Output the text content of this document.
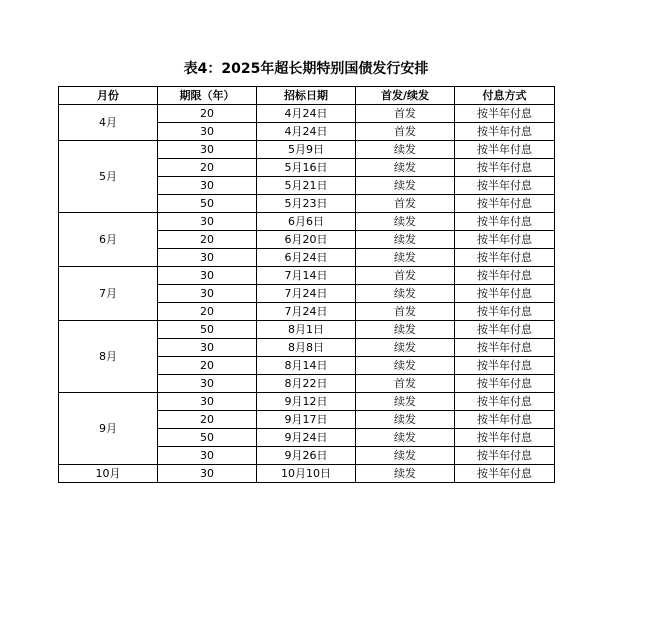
表4：2025年超长期特别国债发行安排
月份	期限（年）	招标日期	首发/续发	付息方式
4月	20	4月24日	首发	按半年付息
	30	4月24日	首发	按半年付息
5月	30	5月9日	续发	按半年付息
	20	5月16日	续发	按半年付息
	30	5月21日	续发	按半年付息
	50	5月23日	首发	按半年付息
6月	30	6月6日	续发	按半年付息
	20	6月20日	续发	按半年付息
	30	6月24日	续发	按半年付息
7月	30	7月14日	首发	按半年付息
	30	7月24日	续发	按半年付息
	20	7月24日	首发	按半年付息
8月	50	8月1日	续发	按半年付息
	30	8月8日	续发	按半年付息
	20	8月14日	续发	按半年付息
	30	8月22日	首发	按半年付息
9月	30	9月12日	续发	按半年付息
	20	9月17日	续发	按半年付息
	50	9月24日	续发	按半年付息
	30	9月26日	续发	按半年付息
10月	30	10月10日	续发	按半年付息
